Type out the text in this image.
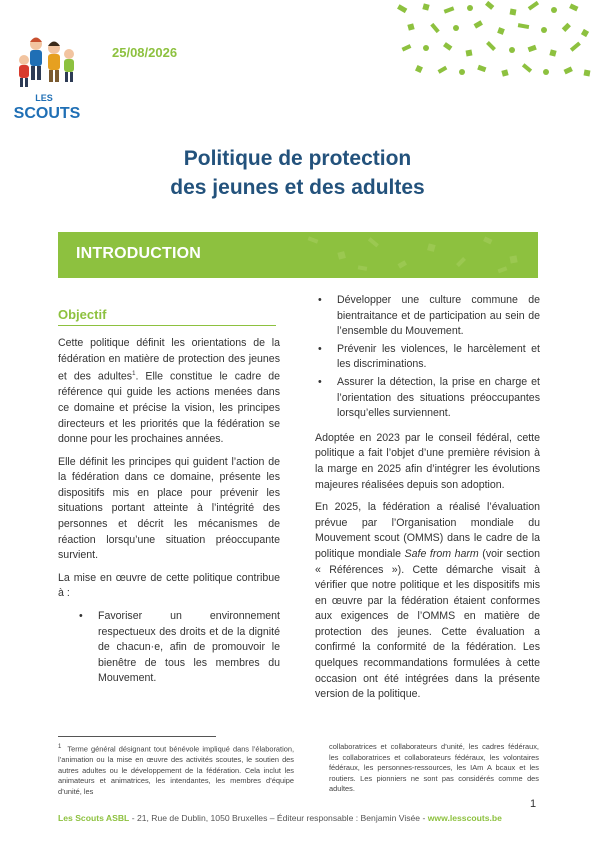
LES
SCOUTS
25/08/2026
Politique de protection
des jeunes et des adultes
INTRODUCTION
Objectif

Cette politique définit les orientations de la fédération en matière de protection des jeunes et des adultes$^1$. Elle constitue le cadre de référence qui guide les actions menées dans ce domaine et précise la vision, les principes directeurs et les priorités que la fédération se donne pour les prochaines années.

Elle définit les principes qui guident l’action de la fédération dans ce domaine, présente les dispositifs mis en place pour prévenir les situations portant atteinte à l’intégrité des personnes et décrit les mécanismes de réaction lorsqu’une situation préoccupante survient.

La mise en œuvre de cette politique contribue à :

• Favoriser un environnement respectueux des droits et de la dignité de chacun·e, afin de promouvoir le bienêtre de tous les membres du Mouvement.
• Développer une culture commune de bientraitance et de participation au sein de l’ensemble du Mouvement.
• Prévenir les violences, le harcèlement et les discriminations.
• Assurer la détection, la prise en charge et l’orientation des situations préoccupantes lorsqu’elles surviennent.

Adoptée en 2023 par le conseil fédéral, cette politique a fait l’objet d’une première révision à la marge en 2025 afin d’intégrer les évolutions majeures réalisées depuis son adoption.

En 2025, la fédération a réalisé l’évaluation prévue par l’Organisation mondiale du Mouvement scout (OMMS) dans le cadre de la politique mondiale Safe from harm (voir section « Références »). Cette démarche visait à vérifier que notre politique et les dispositifs mis en œuvre par la fédération étaient conformes aux exigences de l’OMMS en matière de protection des jeunes. Cette évaluation a confirmé la conformité de la fédération. Les quelques recommandations formulées à cette occasion ont été intégrées dans la présente version de la politique.

$^1$ Terme général désignant tout bénévole impliqué dans l’élaboration, l’animation ou la mise en œuvre des activités scoutes, le soutien des autres adultes ou le développement de la fédération. Cela inclut les animateurs et animatrices, les intendantes, les membres d’équipe d’unité, les
collaboratrices et collaborateurs d’unité, les cadres fédéraux, les collaboratrices et collaborateurs fédéraux, les volontaires fédéraux, les personnes-ressources, les IAm A bcaux et les routiers. Les pionniers ne sont pas considérés comme des adultes.
1
Les Scouts ASBL - 21, Rue de Dublin, 1050 Bruxelles – Éditeur responsable : Benjamin Visée - www.lesscouts.be
